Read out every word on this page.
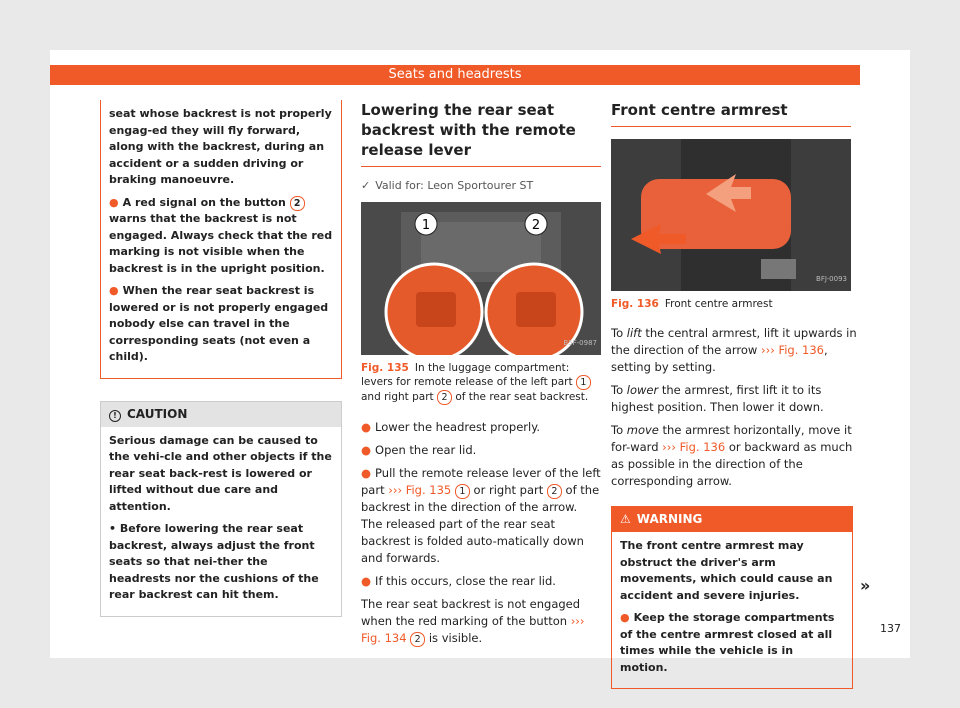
Seats and headrests

seat whose backrest is not properly engag-ed they will fly forward, along with the backrest, during an accident or a sudden driving or braking manoeuvre.

● A red signal on the button 2 warns that the backrest is not engaged. Always check that the red marking is not visible when the backrest is in the upright position.

● When the rear seat backrest is lowered or is not properly engaged nobody else can travel in the corresponding seats (not even a child).

! CAUTION

Serious damage can be caused to the vehi-cle and other objects if the rear seat back-rest is lowered or lifted without due care and attention.

• Before lowering the rear seat backrest, always adjust the front seats so that nei-ther the headrests nor the cushions of the rear backrest can hit them.

Lowering the rear seat backrest with the remote release lever
✓ Valid for: Leon Sportourer ST
1	2
B5F-0987
Fig. 135 In the luggage compartment: levers for remote release of the left part 1 and right part 2 of the rear seat backrest.

● Lower the headrest properly.

● Open the rear lid.

● Pull the remote release lever of the left part ››› Fig. 135 1 or right part 2 of the backrest in the direction of the arrow. The released part of the rear seat backrest is folded auto-matically down and forwards.

● If this occurs, close the rear lid.

The rear seat backrest is not engaged when the red marking of the button ››› Fig. 134 2 is visible.

Front centre armrest
BFJ-0093
Fig. 136 Front centre armrest

To lift the central armrest, lift it upwards in the direction of the arrow ››› Fig. 136, setting by setting.

To lower the armrest, first lift it to its highest position. Then lower it down.

To move the armrest horizontally, move it for-ward ››› Fig. 136 or backward as much as possible in the direction of the corresponding arrow.

⚠ WARNING

The front centre armrest may obstruct the driver's arm movements, which could cause an accident and severe injuries.

● Keep the storage compartments of the centre armrest closed at all times while the vehicle is in motion.

»
137
